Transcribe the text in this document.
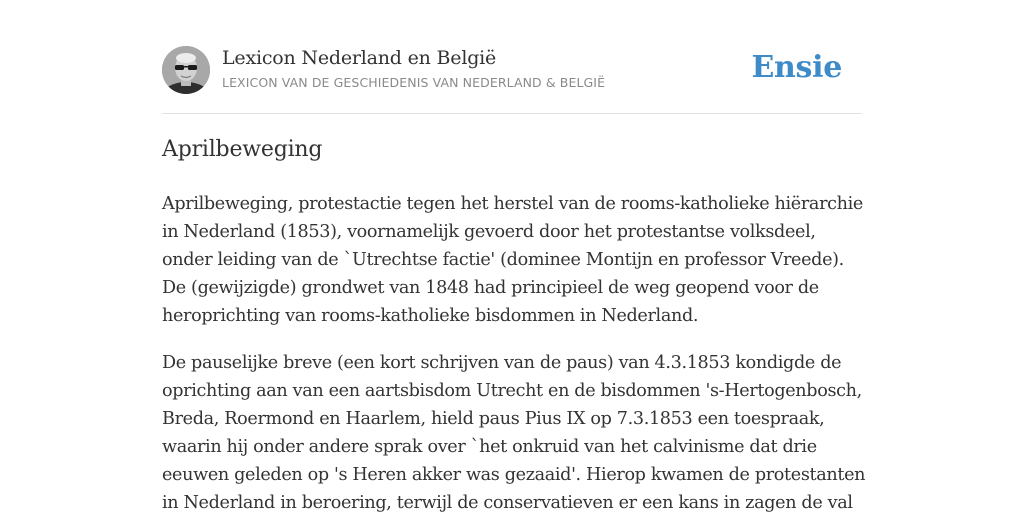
Lexicon Nederland en België
LEXICON VAN DE GESCHIEDENIS VAN NEDERLAND & BELGIË	Ensie
Aprilbeweging

Aprilbeweging, protestactie tegen het herstel van de rooms-katholieke hiërarchie
in Nederland (1853), voornamelijk gevoerd door het protestantse volksdeel,
onder leiding van de `Utrechtse factie' (dominee Montijn en professor Vreede).
De (gewijzigde) grondwet van 1848 had principieel de weg geopend voor de
heroprichting van rooms-katholieke bisdommen in Nederland.

De pauselijke breve (een kort schrijven van de paus) van 4.3.1853 kondigde de
oprichting aan van een aartsbisdom Utrecht en de bisdommen 's-Hertogenbosch,
Breda, Roermond en Haarlem, hield paus Pius IX op 7.3.1853 een toespraak,
waarin hij onder andere sprak over `het onkruid van het calvinisme dat drie
eeuwen geleden op 's Heren akker was gezaaid'. Hierop kwamen de protestanten
in Nederland in beroering, terwijl de conservatieven er een kans in zagen de val
